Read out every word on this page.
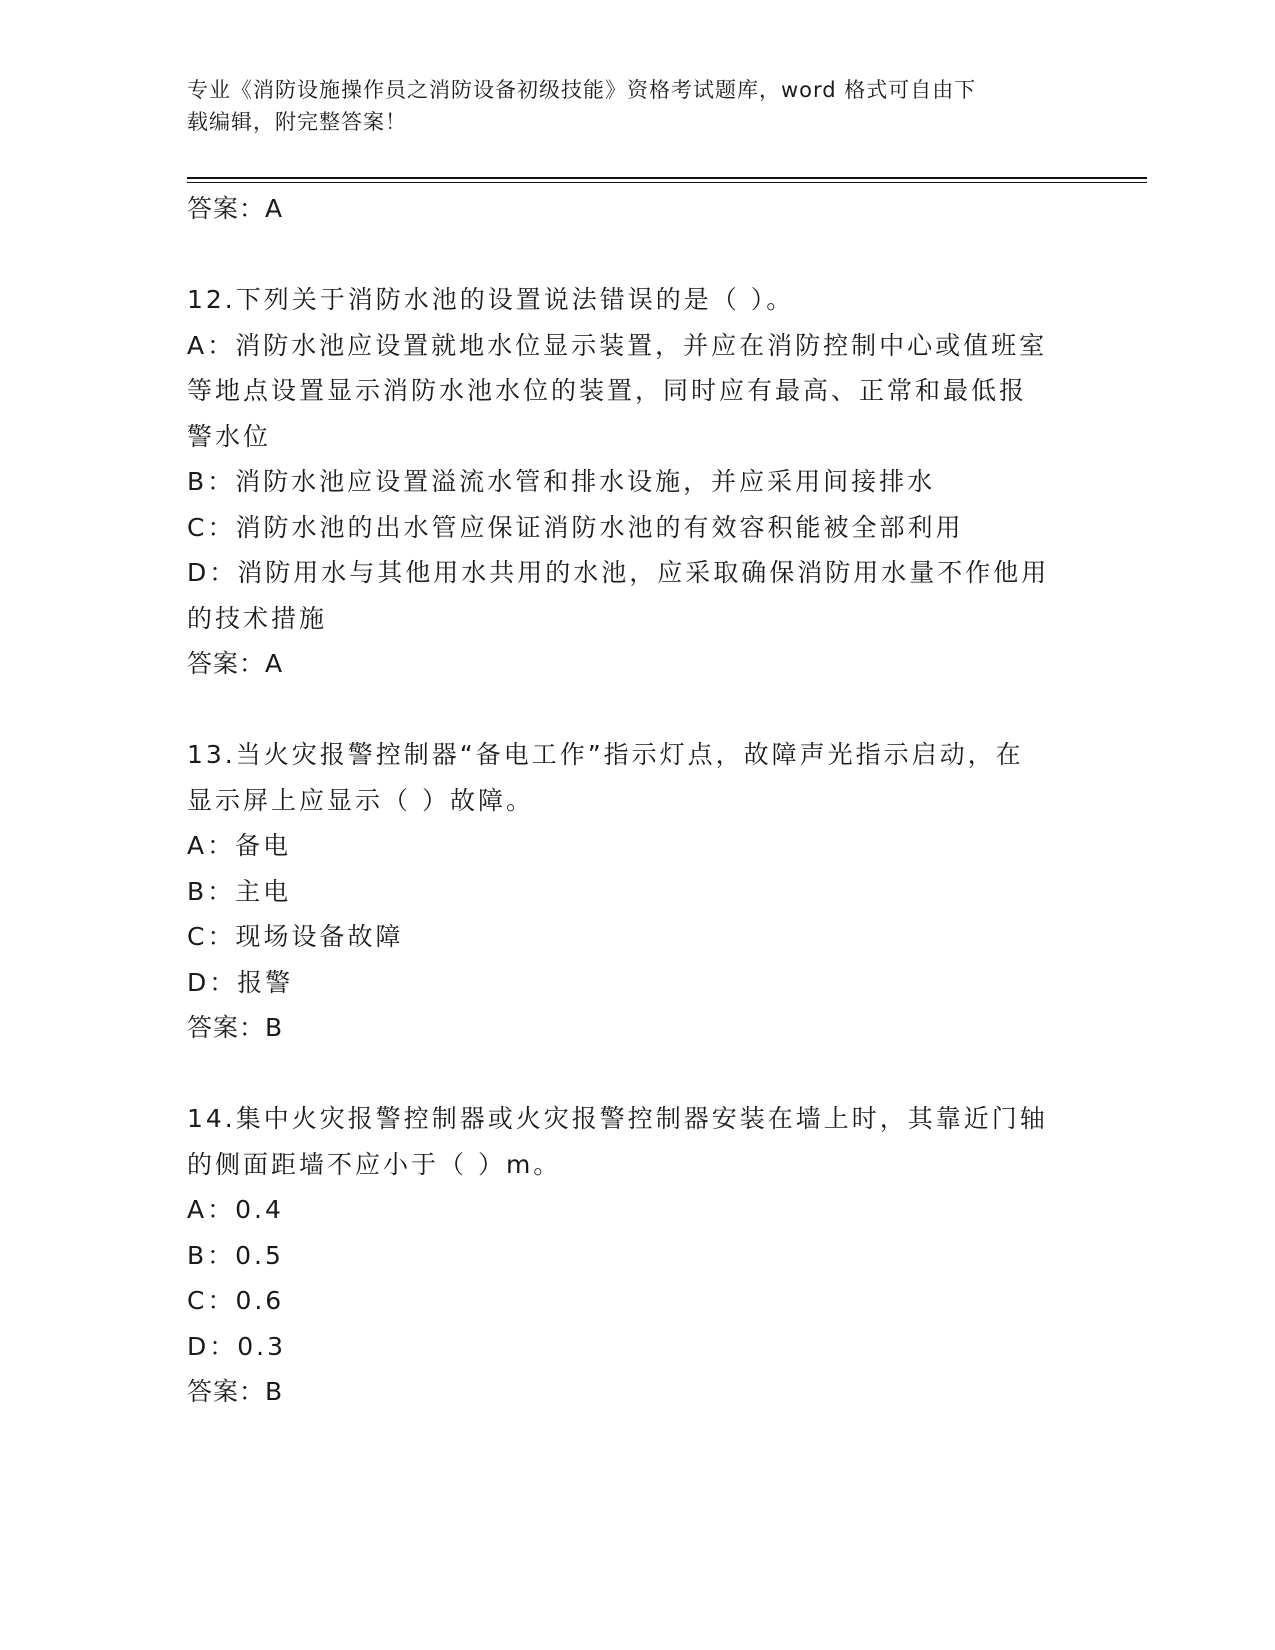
专业《消防设施操作员之消防设备初级技能》资格考试题库，word 格式可自由下
载编辑，附完整答案！

答案：A

12.下列关于消防水池的设置说法错误的是（ ）。

A：消防水池应设置就地水位显示装置，并应在消防控制中心或值班室

等地点设置显示消防水池水位的装置，同时应有最高、正常和最低报

警水位

B：消防水池应设置溢流水管和排水设施，并应采用间接排水

C：消防水池的出水管应保证消防水池的有效容积能被全部利用

D：消防用水与其他用水共用的水池，应采取确保消防用水量不作他用

的技术措施

答案：A

13.当火灾报警控制器“备电工作”指示灯点，故障声光指示启动，在

显示屏上应显示（ ）故障。

A：备电

B：主电

C：现场设备故障

D：报警

答案：B

14.集中火灾报警控制器或火灾报警控制器安装在墙上时，其靠近门轴

的侧面距墙不应小于（ ）m。

A：0.4

B：0.5

C：0.6

D：0.3

答案：B
